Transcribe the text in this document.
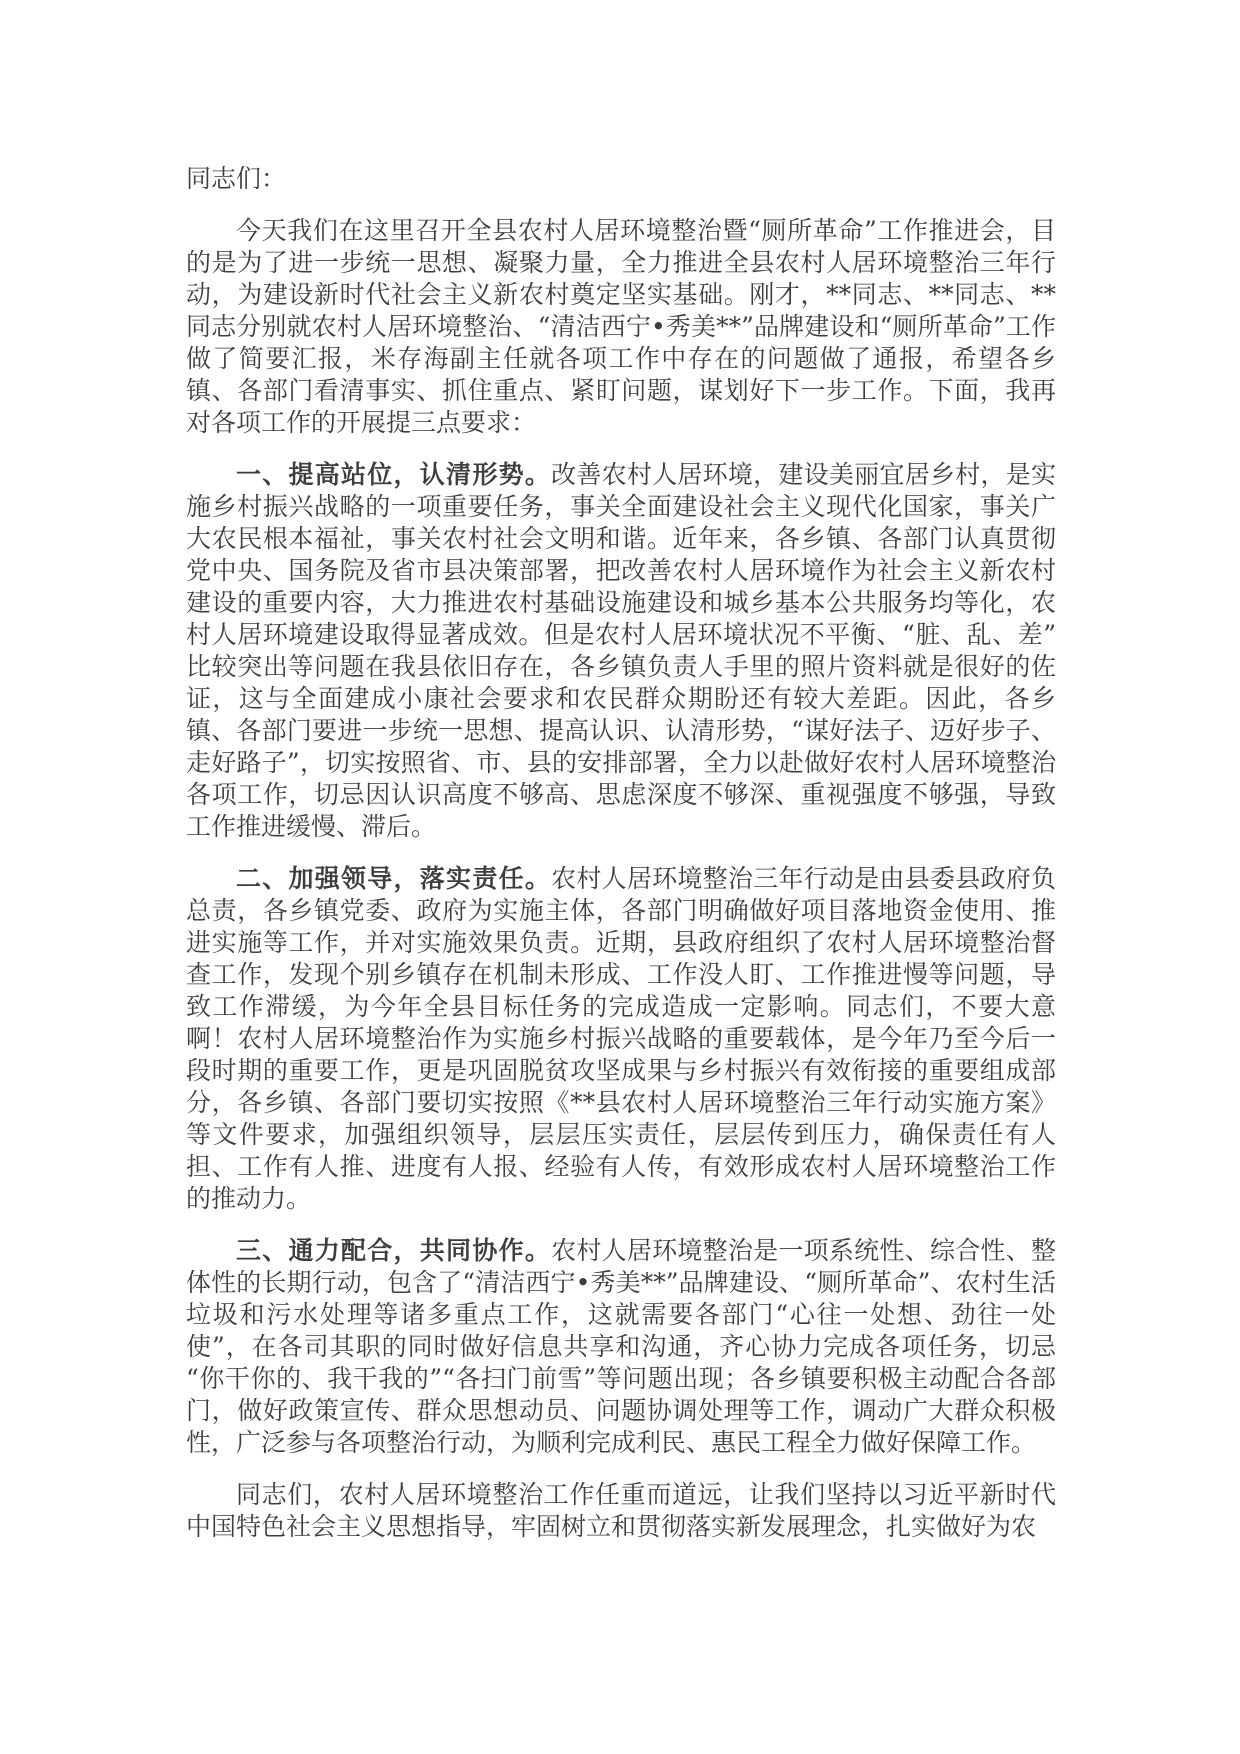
同志们：

今天我们在这里召开全县农村人居环境整治暨“厕所革命”工作推进会，目的是为了进一步统一思想、凝聚力量，全力推进全县农村人居环境整治三年行动，为建设新时代社会主义新农村奠定坚实基础。刚才，**同志、**同志、**同志分别就农村人居环境整治、“清洁西宁•秀美**”品牌建设和“厕所革命”工作做了简要汇报，米存海副主任就各项工作中存在的问题做了通报，希望各乡镇、各部门看清事实、抓住重点、紧盯问题，谋划好下一步工作。下面，我再对各项工作的开展提三点要求：

一、提高站位，认清形势。改善农村人居环境，建设美丽宜居乡村，是实施乡村振兴战略的一项重要任务，事关全面建设社会主义现代化国家，事关广大农民根本福祉，事关农村社会文明和谐。近年来，各乡镇、各部门认真贯彻党中央、国务院及省市县决策部署，把改善农村人居环境作为社会主义新农村建设的重要内容，大力推进农村基础设施建设和城乡基本公共服务均等化，农村人居环境建设取得显著成效。但是农村人居环境状况不平衡、“脏、乱、差”比较突出等问题在我县依旧存在，各乡镇负责人手里的照片资料就是很好的佐证，这与全面建成小康社会要求和农民群众期盼还有较大差距。因此，各乡镇、各部门要进一步统一思想、提高认识、认清形势，“谋好法子、迈好步子、走好路子”，切实按照省、市、县的安排部署，全力以赴做好农村人居环境整治各项工作，切忌因认识高度不够高、思虑深度不够深、重视强度不够强，导致工作推进缓慢、滞后。

二、加强领导，落实责任。农村人居环境整治三年行动是由县委县政府负总责，各乡镇党委、政府为实施主体，各部门明确做好项目落地资金使用、推进实施等工作，并对实施效果负责。近期，县政府组织了农村人居环境整治督查工作，发现个别乡镇存在机制未形成、工作没人盯、工作推进慢等问题，导致工作滞缓，为今年全县目标任务的完成造成一定影响。同志们，不要大意啊！农村人居环境整治作为实施乡村振兴战略的重要载体，是今年乃至今后一段时期的重要工作，更是巩固脱贫攻坚成果与乡村振兴有效衔接的重要组成部分，各乡镇、各部门要切实按照《**县农村人居环境整治三年行动实施方案》等文件要求，加强组织领导，层层压实责任，层层传到压力，确保责任有人担、工作有人推、进度有人报、经验有人传，有效形成农村人居环境整治工作的推动力。

三、通力配合，共同协作。农村人居环境整治是一项系统性、综合性、整体性的长期行动，包含了“清洁西宁•秀美**”品牌建设、“厕所革命”、农村生活垃圾和污水处理等诸多重点工作，这就需要各部门“心往一处想、劲往一处使”，在各司其职的同时做好信息共享和沟通，齐心协力完成各项任务，切忌“你干你的、我干我的”“各扫门前雪”等问题出现；各乡镇要积极主动配合各部门，做好政策宣传、群众思想动员、问题协调处理等工作，调动广大群众积极性，广泛参与各项整治行动，为顺利完成利民、惠民工程全力做好保障工作。

同志们，农村人居环境整治工作任重而道远，让我们坚持以习近平新时代中国特色社会主义思想指导，牢固树立和贯彻落实新发展理念，扎实做好为农
